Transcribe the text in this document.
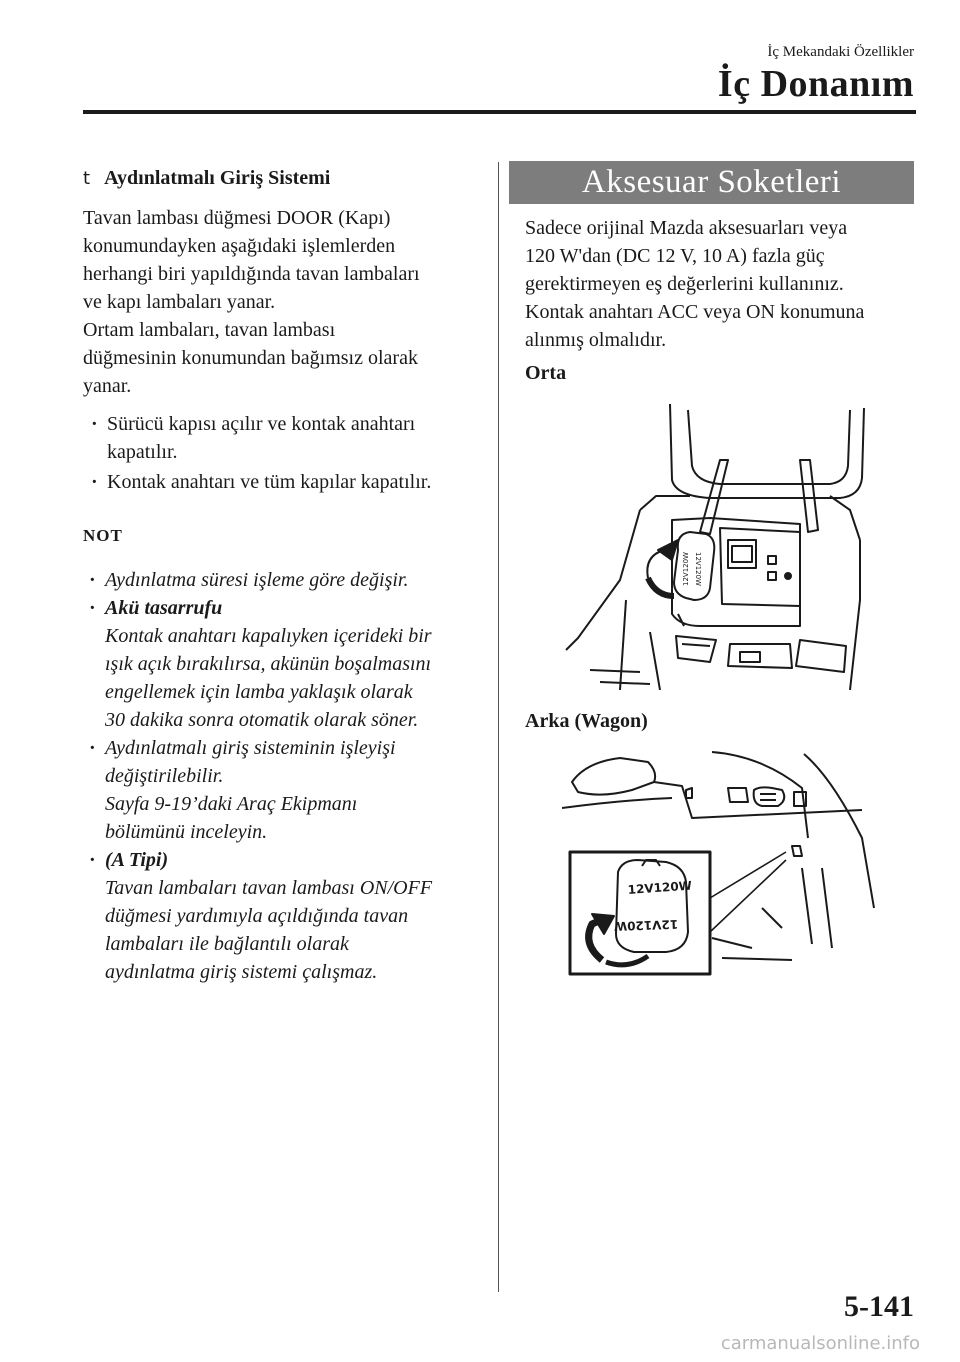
İç Mekandaki Özellikler
İç Donanım
t Aydınlatmalı Giriş Sistemi

Tavan lambası düğmesi DOOR (Kapı)
konumundayken aşağıdaki işlemlerden
herhangi biri yapıldığında tavan lambaları
ve kapı lambaları yanar.
Ortam lambaları, tavan lambası
düğmesinin konumundan bağımsız olarak
yanar.

· Sürücü kapısı açılır ve kontak anahtarı
kapatılır.
· Kontak anahtarı ve tüm kapılar kapatılır.
NOT
· Aydınlatma süresi işleme göre değişir.
· Akü tasarrufu
Kontak anahtarı kapalıyken içerideki bir
ışık açık bırakılırsa, akünün boşalmasını
engellemek için lamba yaklaşık olarak
30 dakika sonra otomatik olarak söner.
· Aydınlatmalı giriş sisteminin işleyişi
değiştirilebilir.
Sayfa 9-19’daki Araç Ekipmanı
bölümünü inceleyin.
· (A Tipi)
Tavan lambaları tavan lambası ON/OFF
düğmesi yardımıyla açıldığında tavan
lambaları ile bağlantılı olarak
aydınlatma giriş sistemi çalışmaz.
Aksesuar Soketleri

Sadece orijinal Mazda aksesuarları veya
120 W'dan (DC 12 V, 10 A) fazla güç
gerektirmeyen eş değerlerini kullanınız.
Kontak anahtarı ACC veya ON konumuna
alınmış olmalıdır.

Orta
12V120W
12V120W
Arka (Wagon)
12V120W
12V120W
5-141
carmanualsonline.info
